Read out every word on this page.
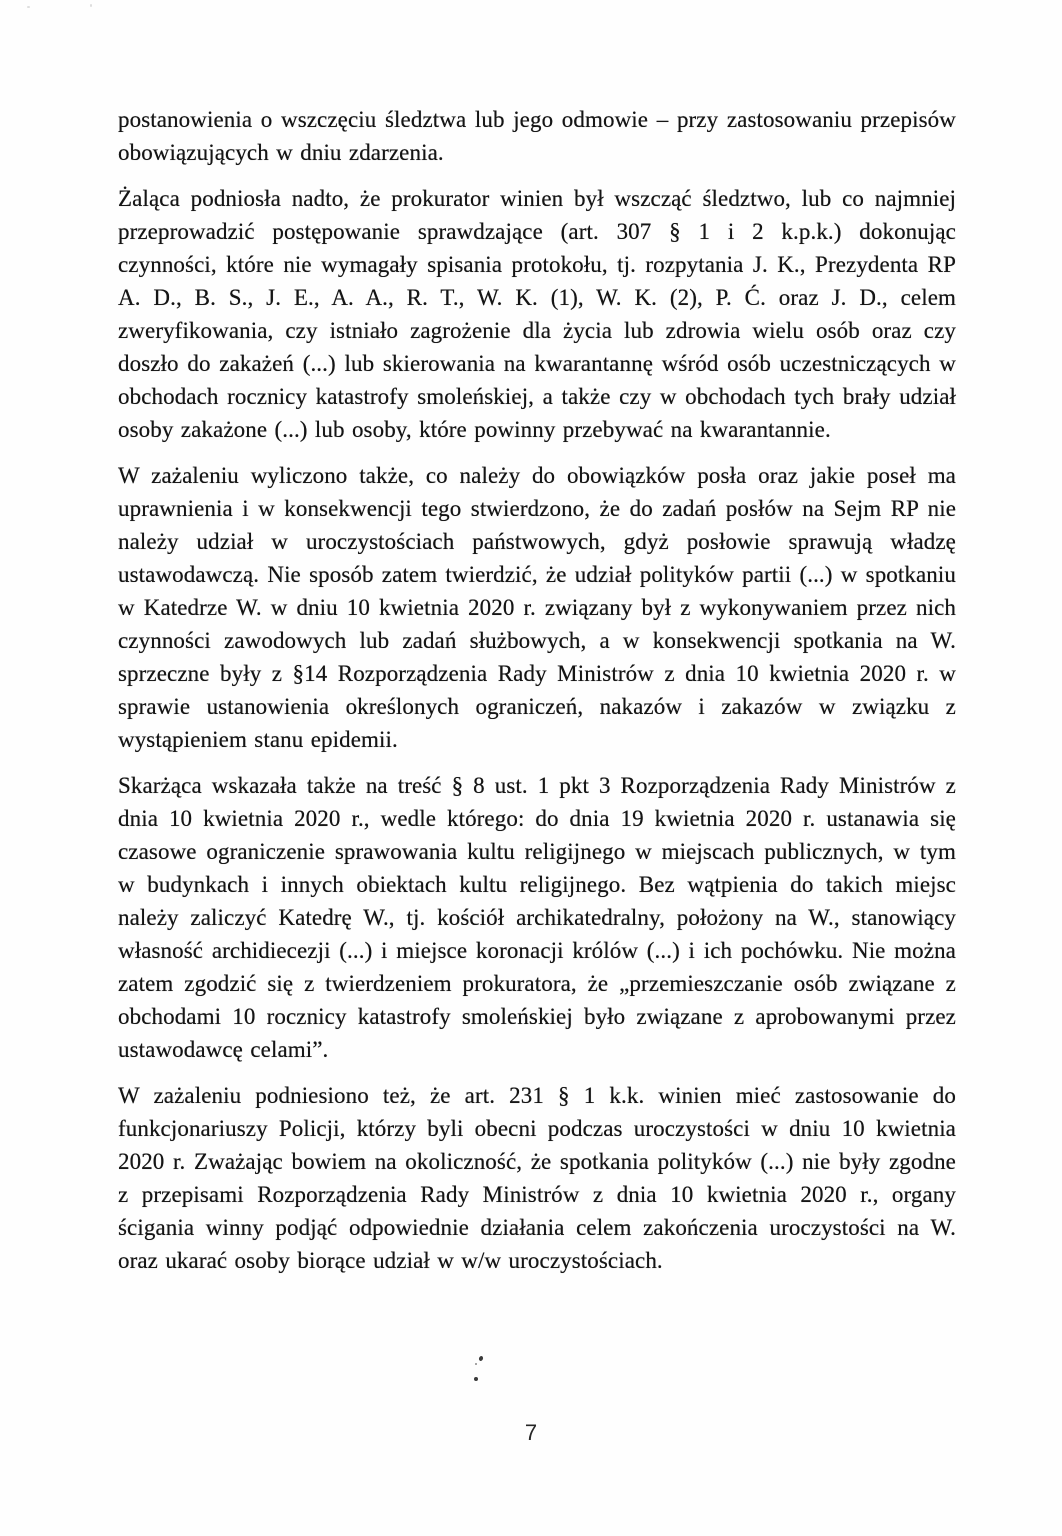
postanowienia o wszczęciu śledztwa lub jego odmowie – przy zastosowaniu przepisów obowiązujących w dniu zdarzenia.

Żaląca podniosła nadto, że prokurator winien był wszcząć śledztwo, lub co najmniej przeprowadzić postępowanie sprawdzające (art. 307 § 1 i 2 k.p.k.) dokonując czynności, które nie wymagały spisania protokołu, tj. rozpytania J. K., Prezydenta RP A. D., B. S., J. E., A. A., R. T., W. K. (1), W. K. (2), P. Ć. oraz J. D., celem zweryfikowania, czy istniało zagrożenie dla życia lub zdrowia wielu osób oraz czy doszło do zakażeń (...) lub skierowania na kwarantannę wśród osób uczestniczących w obchodach rocznicy katastrofy smoleńskiej, a także czy w obchodach tych brały udział osoby zakażone (...) lub osoby, które powinny przebywać na kwarantannie.

W zażaleniu wyliczono także, co należy do obowiązków posła oraz jakie poseł ma uprawnienia i w konsekwencji tego stwierdzono, że do zadań posłów na Sejm RP nie należy udział w uroczystościach państwowych, gdyż posłowie sprawują władzę ustawodawczą. Nie sposób zatem twierdzić, że udział polityków partii (...) w spotkaniu w Katedrze W. w dniu 10 kwietnia 2020 r. związany był z wykonywaniem przez nich czynności zawodowych lub zadań służbowych, a w konsekwencji spotkania na W. sprzeczne były z §14 Rozporządzenia Rady Ministrów z dnia 10 kwietnia 2020 r. w sprawie ustanowienia określonych ograniczeń, nakazów i zakazów w związku z wystąpieniem stanu epidemii.

Skarżąca wskazała także na treść § 8 ust. 1 pkt 3 Rozporządzenia Rady Ministrów z dnia 10 kwietnia 2020 r., wedle którego: do dnia 19 kwietnia 2020 r. ustanawia się czasowe ograniczenie sprawowania kultu religijnego w miejscach publicznych, w tym w budynkach i innych obiektach kultu religijnego. Bez wątpienia do takich miejsc należy zaliczyć Katedrę W., tj. kościół archikatedralny, położony na W., stanowiący własność archidiecezji (...) i miejsce koronacji królów (...) i ich pochówku. Nie można zatem zgodzić się z twierdzeniem prokuratora, że „przemieszczanie osób związane z obchodami 10 rocznicy katastrofy smoleńskiej było związane z aprobowanymi przez ustawodawcę celami”.

W zażaleniu podniesiono też, że art. 231 § 1 k.k. winien mieć zastosowanie do funkcjonariuszy Policji, którzy byli obecni podczas uroczystości w dniu 10 kwietnia 2020 r. Zważając bowiem na okoliczność, że spotkania polityków (...) nie były zgodne z przepisami Rozporządzenia Rady Ministrów z dnia 10 kwietnia 2020 r., organy ścigania winny podjąć odpowiednie działania celem zakończenia uroczystości na W. oraz ukarać osoby biorące udział w w/w uroczystościach.

7
